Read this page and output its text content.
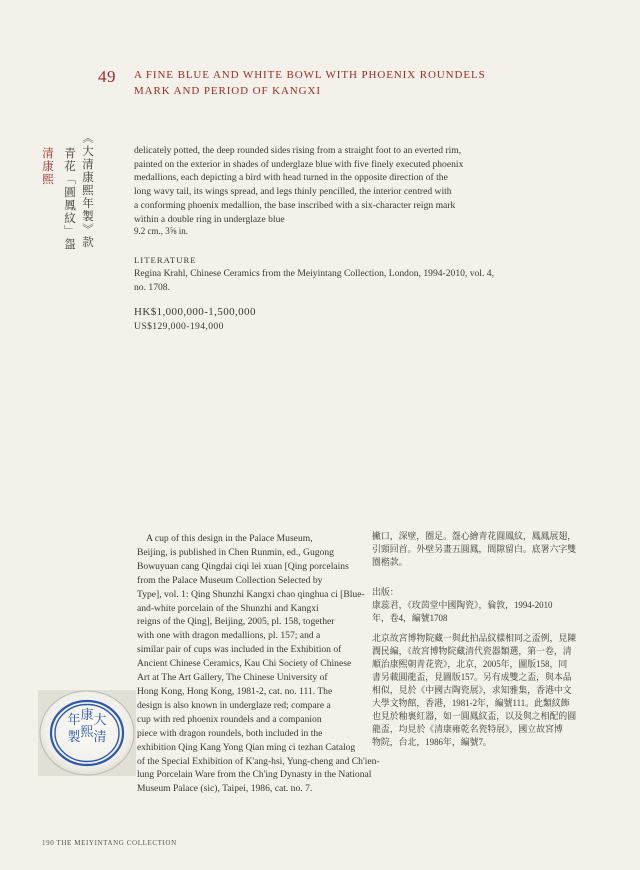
49 A FINE BLUE AND WHITE BOWL WITH PHOENIX ROUNDELS
MARK AND PERIOD OF KANGXI
清康熙 青花「圓鳳紋」盌 《大清康熙年製》款	delicately potted, the deep rounded sides rising from a straight foot to an everted rim,
painted on the exterior in shades of underglaze blue with five finely executed phoenix
medallions, each depicting a bird with head turned in the opposite direction of the
long wavy tail, its wings spread, and legs thinly pencilled, the interior centred with
a conforming phoenix medallion, the base inscribed with a six-character reign mark
within a double ring in underglaze blue
9.2 cm., 3⅝ in.
LITERATURE
Regina Krahl, Chinese Ceramics from the Meiyintang Collection, London, 1994-2010, vol. 4,
no. 1708.
HK$1,000,000-1,500,000
US$129,000-194,000
A cup of this design in the Palace Museum,
Beijing, is published in Chen Runmin, ed., Gugong
Bowuyuan cang Qingdai ciqi lei xuan [Qing porcelains
from the Palace Museum Collection Selected by
Type], vol. 1: Qing Shunzhi Kangxi chao qinghua ci [Blue-
and-white porcelain of the Shunzhi and Kangxi
reigns of the Qing], Beijing, 2005, pl. 158, together
with one with dragon medallions, pl. 157; and a
similar pair of cups was included in the Exhibition of
Ancient Chinese Ceramics, Kau Chi Society of Chinese
Art at The Art Gallery, The Chinese University of
Hong Kong, Hong Kong, 1981-2, cat. no. 111. The
design is also known in underglaze red; compare a
cup with red phoenix roundels and a companion
piece with dragon roundels, both included in the
exhibition Qing Kang Yong Qian ming ci tezhan Catalog
of the Special Exhibition of K'ang-hsi, Yung-cheng and Ch'ien-
lung Porcelain Ware from the Ch'ing Dynasty in the National
Museum Palace (sic), Taipei, 1986, cat. no. 7.
撇口，深壁，圈足。盌心繪青花圓鳳紋，鳳鳳展翅，
引頸回首。外壁另畫五圓鳳，間隙留白。底署六字雙
圈楷款。
出版：
康蕊君，《玫茵堂中國陶瓷》，倫敦，1994-2010
年，卷4，編號1708
北京故宮博物院藏一與此拍品紋樣相同之盃例，見陳
潤民編，《故宮博物院藏清代瓷器類選，第一卷，清
順治康熙朝青花瓷》，北京，2005年，圖版158，同
書另載圓龍盃，見圖版157。另有成雙之盃，與本品
相似，見於《中國古陶瓷展》，求知雅集，香港中文
大學文物館，香港，1981-2年，編號111。此類紋飾
也見於釉裏紅器，如一圓鳳紋盃，以及與之相配的圓
龍盃，均見於《清康雍乾名瓷特展》，國立故宮博
物院，台北，1986年，編號7。
大
清
康
熙
年
製
190 THE MEIYINTANG COLLECTION
